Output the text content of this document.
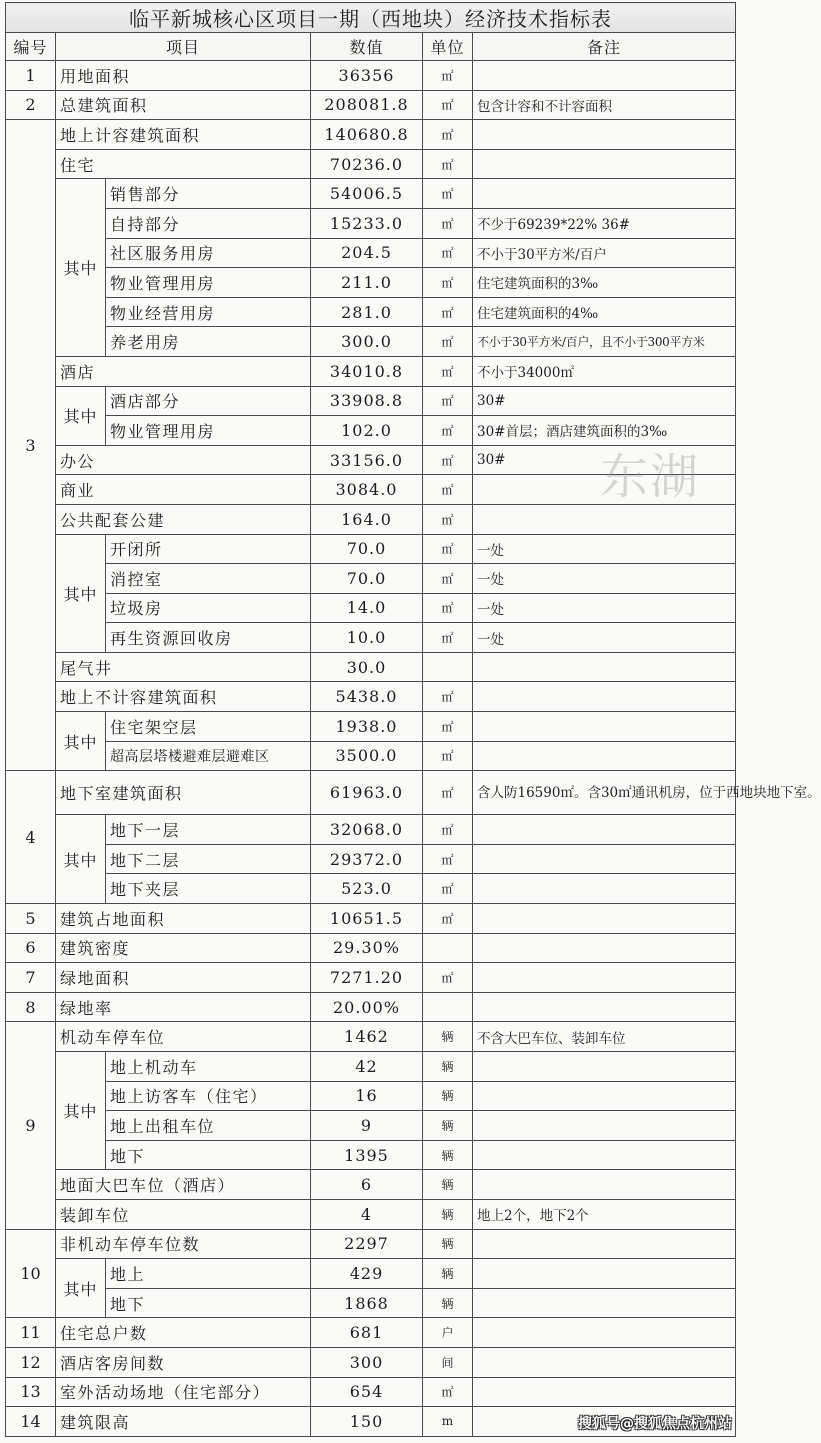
临平新城核心区项目一期（西地块）经济技术指标表					
编号	项目		数值	单位	备注
1	用地面积		36356	㎡	
2	总建筑面积		208081.8	㎡	包含计容和不计容面积
3	地上计容建筑面积		140680.8	㎡	
	住宅		70236.0	㎡	
	其中	销售部分	54006.5	㎡	
		自持部分	15233.0	㎡	不少于69239*22% 36#
		社区服务用房	204.5	㎡	不小于30平方米/百户
		物业管理用房	211.0	㎡	住宅建筑面积的3‰
		物业经营用房	281.0	㎡	住宅建筑面积的4‰
		养老用房	300.0	㎡	不小于30平方米/百户，且不小于300平方米
	酒店		34010.8	㎡	不小于34000㎡
	其中	酒店部分	33908.8	㎡	30#
		物业管理用房	102.0	㎡	30#首层；酒店建筑面积的3‰
	办公		33156.0	㎡	30#
	商业		3084.0	㎡	
	公共配套公建		164.0	㎡	
	其中	开闭所	70.0	㎡	一处
		消控室	70.0	㎡	一处
		垃圾房	14.0	㎡	一处
		再生资源回收房	10.0	㎡	一处
	尾气井		30.0		
	地上不计容建筑面积		5438.0	㎡	
	其中	住宅架空层	1938.0	㎡	
		超高层塔楼避难层避难区	3500.0	㎡	
4	地下室建筑面积		61963.0	㎡	含人防16590㎡。含30㎡通讯机房，位于西地块地下室。
	其中	地下一层	32068.0	㎡	
		地下二层	29372.0	㎡	
		地下夹层	523.0	㎡	
5	建筑占地面积		10651.5	㎡	
6	建筑密度		29.30%		
7	绿地面积		7271.20	㎡	
8	绿地率		20.00%		
9	机动车停车位		1462	辆	不含大巴车位、装卸车位
	其中	地上机动车	42	辆	
		地上访客车（住宅）	16	辆	
		地上出租车位	9	辆	
		地下	1395	辆	
	地面大巴车位（酒店）		6	辆	
	装卸车位		4	辆	地上2个，地下2个
10	非机动车停车位数		2297	辆	
	其中	地上	429	辆	
		地下	1868	辆	
11	住宅总户数		681	户	
12	酒店客房间数		300	间	
13	室外活动场地（住宅部分）		654	㎡	
14	建筑限高		150	m	
东湖
搜狐号@搜狐焦点杭州站
